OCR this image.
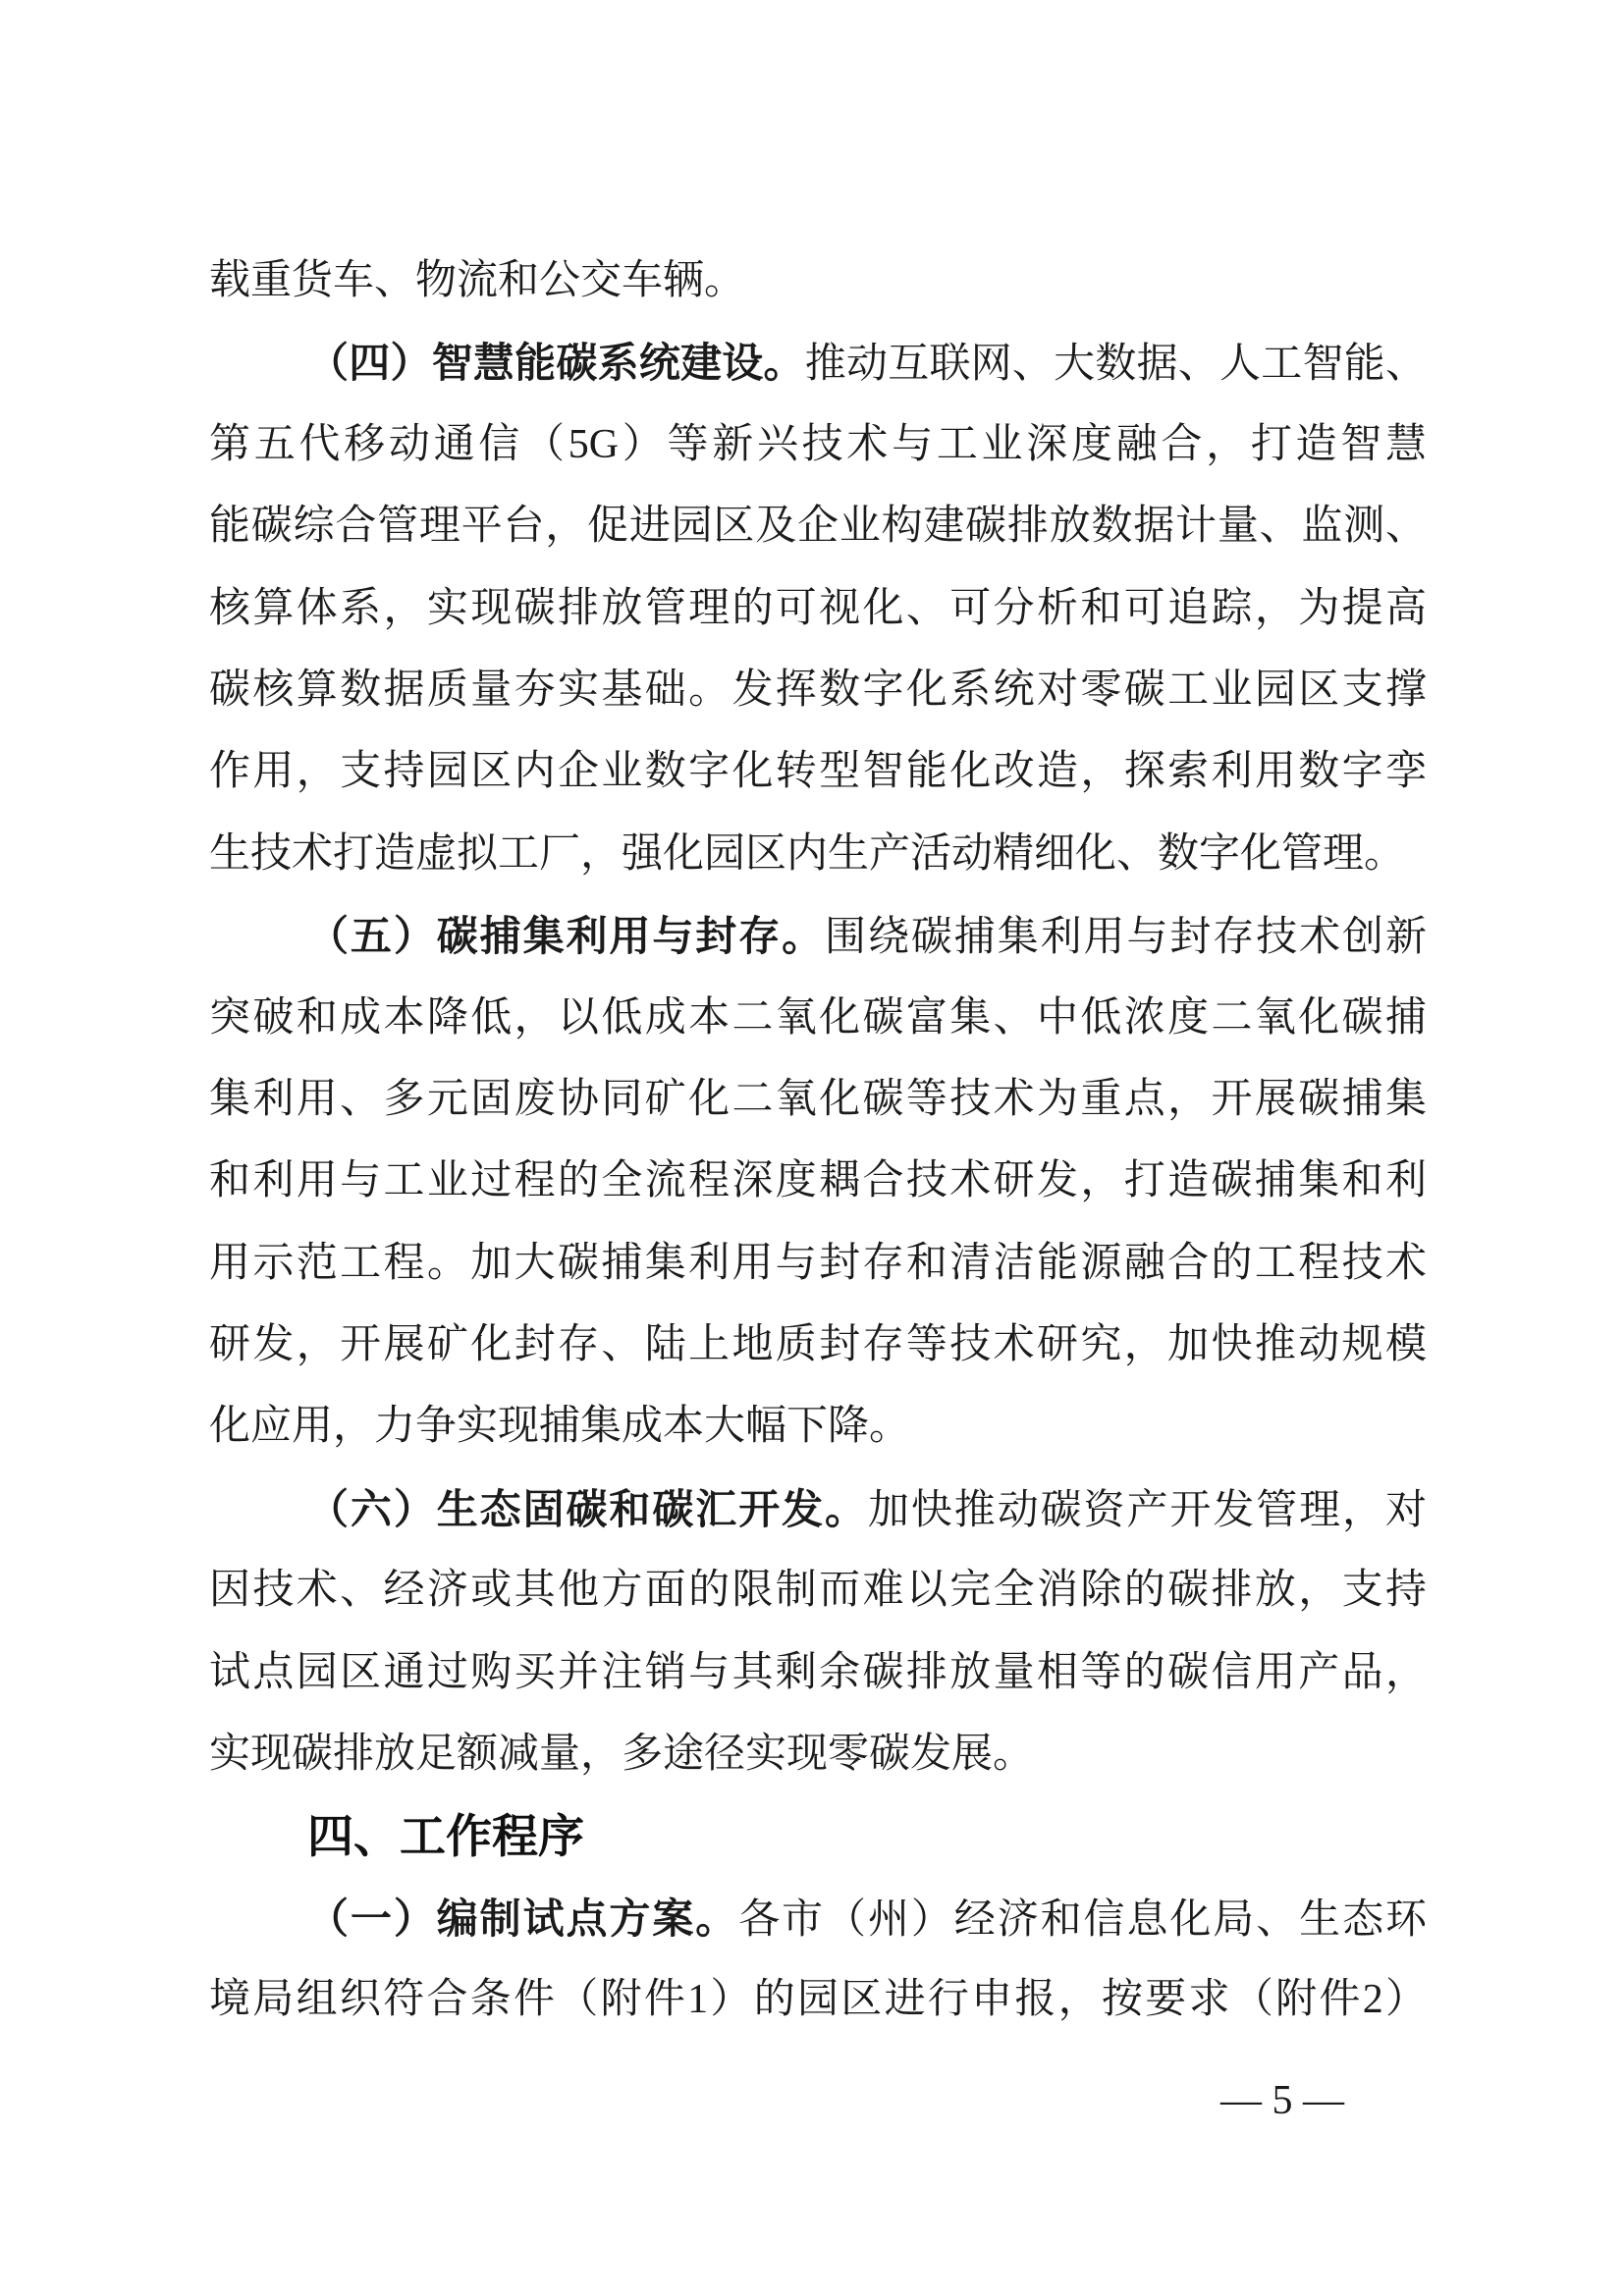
载重货车、物流和公交车辆。
（四）智慧能碳系统建设。推动互联网、大数据、人工智能、
第五代移动通信（5G）等新兴技术与工业深度融合，打造智慧
能碳综合管理平台，促进园区及企业构建碳排放数据计量、监测、
核算体系，实现碳排放管理的可视化、可分析和可追踪，为提高
碳核算数据质量夯实基础。发挥数字化系统对零碳工业园区支撑
作用，支持园区内企业数字化转型智能化改造，探索利用数字孪
生技术打造虚拟工厂，强化园区内生产活动精细化、数字化管理。
（五）碳捕集利用与封存。围绕碳捕集利用与封存技术创新
突破和成本降低，以低成本二氧化碳富集、中低浓度二氧化碳捕
集利用、多元固废协同矿化二氧化碳等技术为重点，开展碳捕集
和利用与工业过程的全流程深度耦合技术研发，打造碳捕集和利
用示范工程。加大碳捕集利用与封存和清洁能源融合的工程技术
研发，开展矿化封存、陆上地质封存等技术研究，加快推动规模
化应用，力争实现捕集成本大幅下降。
（六）生态固碳和碳汇开发。加快推动碳资产开发管理，对
因技术、经济或其他方面的限制而难以完全消除的碳排放，支持
试点园区通过购买并注销与其剩余碳排放量相等的碳信用产品，
实现碳排放足额减量，多途径实现零碳发展。
四、工作程序
（一）编制试点方案。各市（州）经济和信息化局、生态环
境局组织符合条件（附件1）的园区进行申报，按要求（附件2）
— 5 —
